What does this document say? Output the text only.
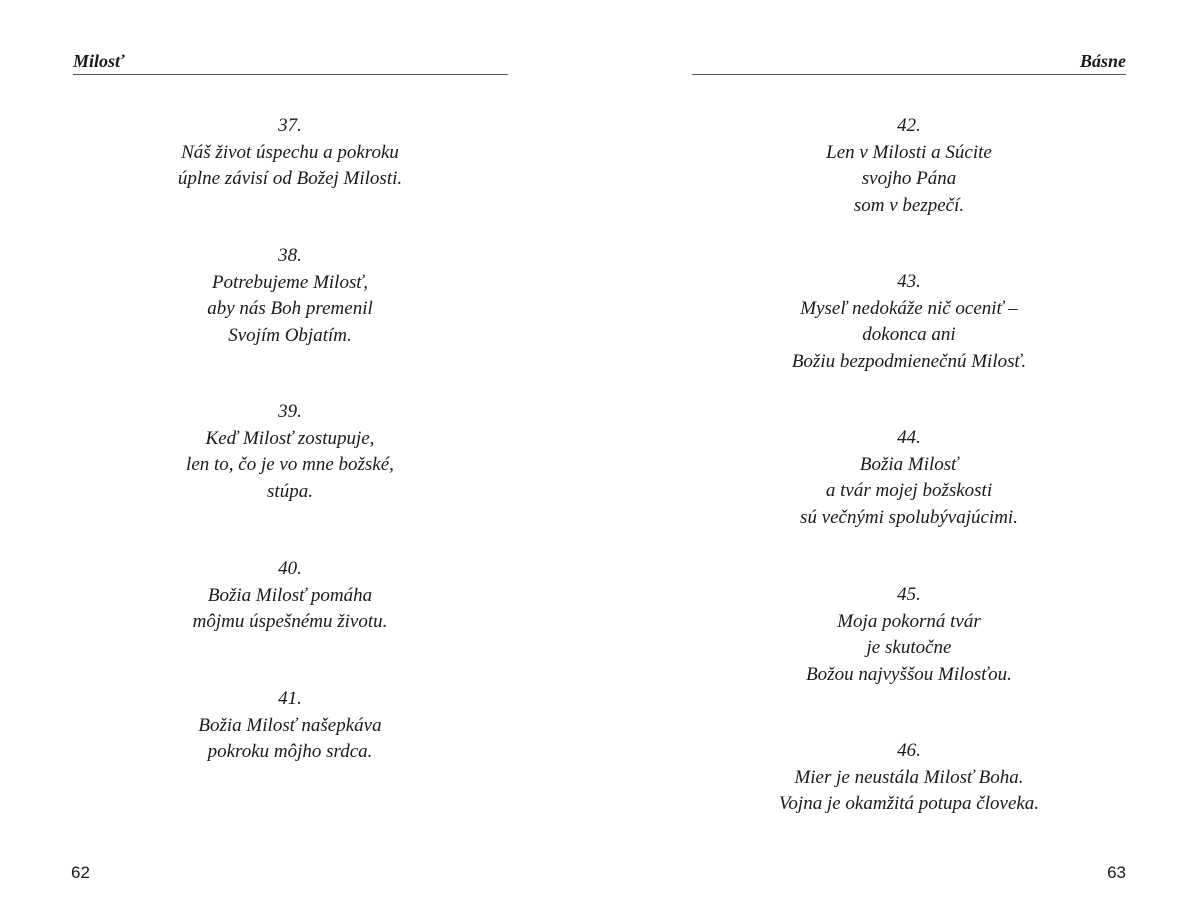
Milosť
37.
Náš život úspechu a pokroku
úplne závisí od Božej Milosti.
38.
Potrebujeme Milosť,
aby nás Boh premenil
Svojím Objatím.
39.
Keď Milosť zostupuje,
len to, čo je vo mne božské,
stúpa.
40.
Božia Milosť pomáha
môjmu úspešnému životu.
41.
Božia Milosť našepkáva
pokroku môjho srdca.
62
Básne
42.
Len v Milosti a Súcite
svojho Pána
som v bezpečí.
43.
Myseľ nedokáže nič oceniť –
dokonca ani
Božiu bezpodmienečnú Milosť.
44.
Božia Milosť
a tvár mojej božskosti
sú večnými spolubývajúcimi.
45.
Moja pokorná tvár
je skutočne
Božou najvyššou Milosťou.
46.
Mier je neustála Milosť Boha.
Vojna je okamžitá potupa človeka.
63
